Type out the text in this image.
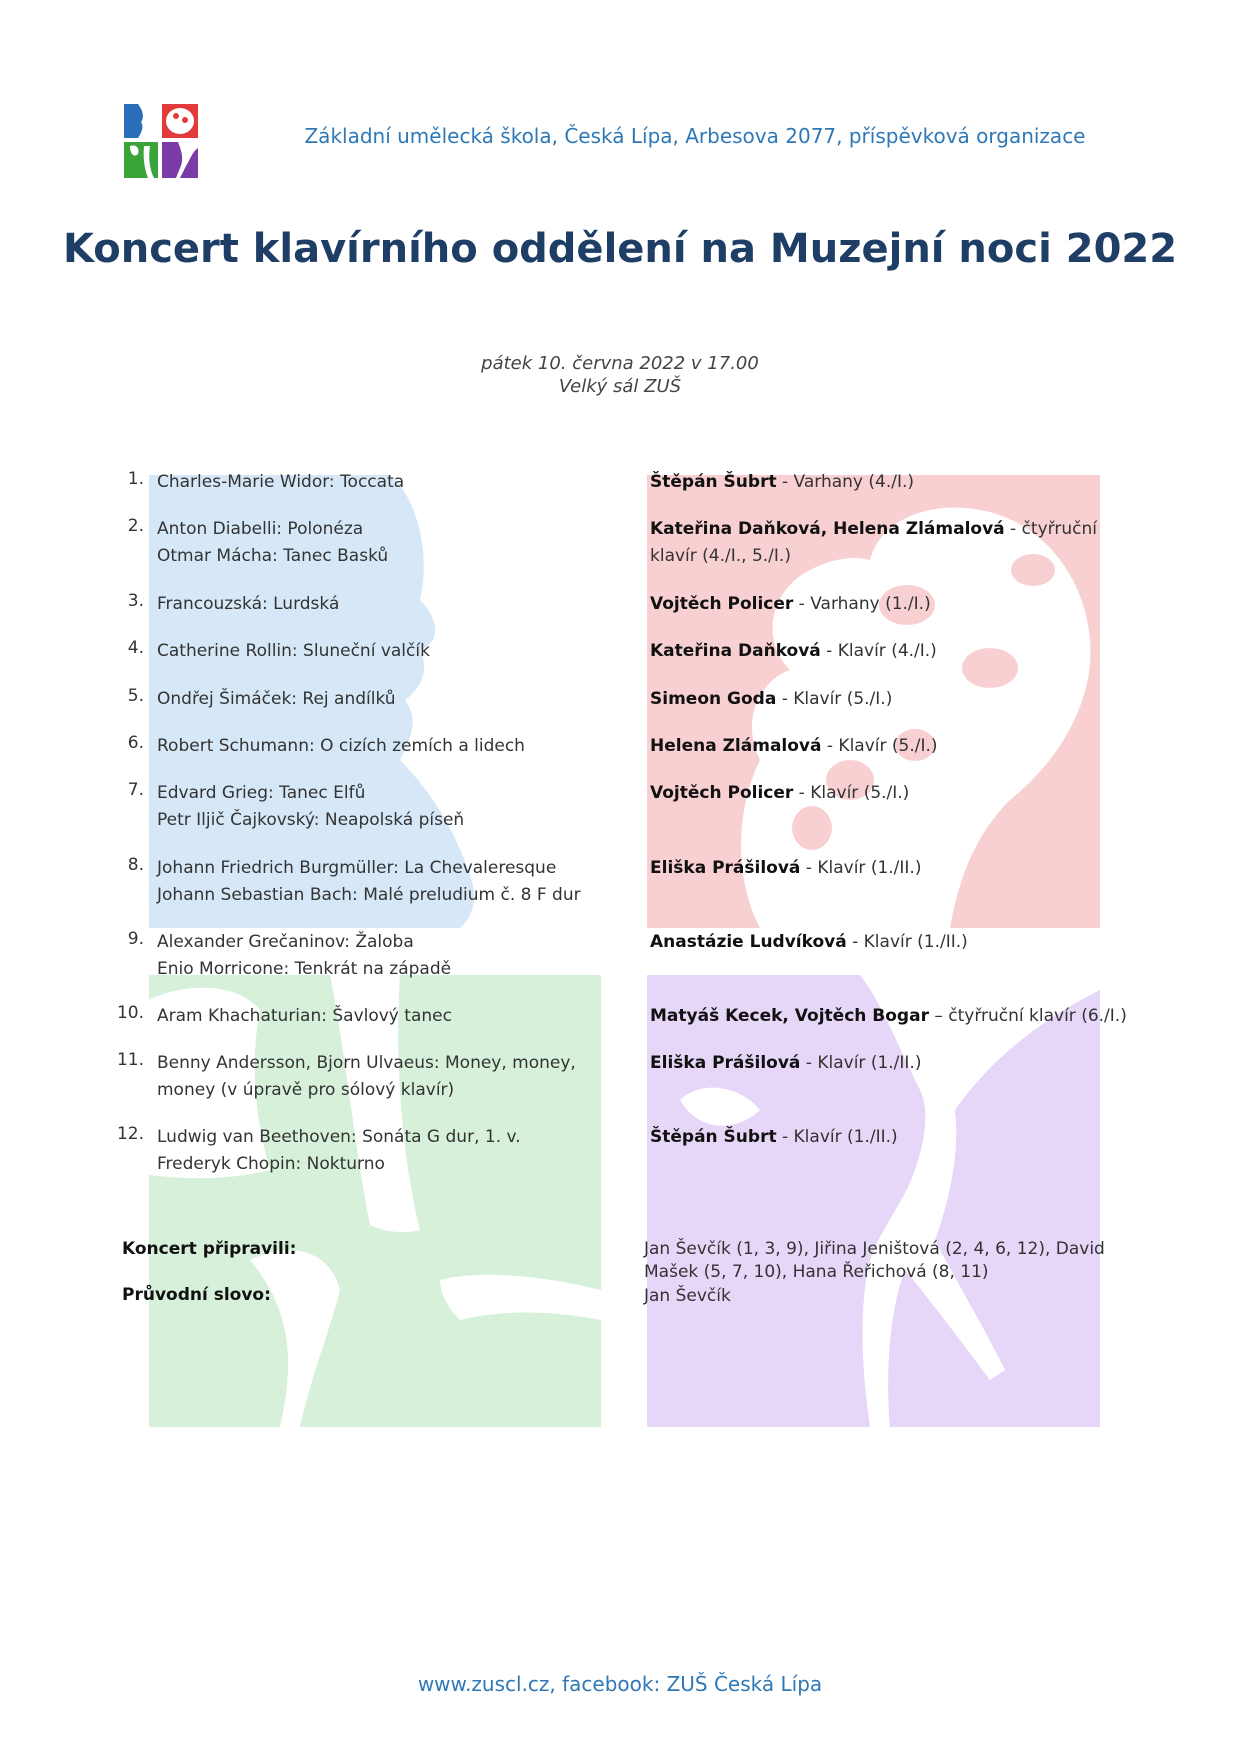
Základní umělecká škola, Česká Lípa, Arbesova 2077, příspěvková organizace
Koncert klavírního oddělení na Muzejní noci 2022
pátek 10. června 2022 v 17.00
Velký sál ZUŠ
1. Charles-Marie Widor: Toccata	Štěpán Šubrt - Varhany (4./I.)
2. Anton Diabelli: Polonéza
Otmar Mácha: Tanec Basků
Kateřina Daňková, Helena Zlámalová - čtyřruční klavír (4./I., 5./I.)
3. Francouzská: Lurdská	Vojtěch Policer - Varhany (1./I.)
4. Catherine Rollin: Sluneční valčík	Kateřina Daňková - Klavír (4./I.)
5. Ondřej Šimáček: Rej andílků	Simeon Goda - Klavír (5./I.)
6. Robert Schumann: O cizích zemích a lidech	Helena Zlámalová - Klavír (5./I.)
7. Edvard Grieg: Tanec Elfů
Petr Iljič Čajkovský: Neapolská píseň
Vojtěch Policer - Klavír (5./I.)
8. Johann Friedrich Burgmüller: La Chevaleresque
Johann Sebastian Bach: Malé preludium č. 8 F dur
Eliška Prášilová - Klavír (1./II.)
9. Alexander Grečaninov: Žaloba
Enio Morricone: Tenkrát na západě
Anastázie Ludvíková - Klavír (1./II.)
10. Aram Khachaturian: Šavlový tanec	Matyáš Kecek, Vojtěch Bogar – čtyřruční klavír (6./I.)
11. Benny Andersson, Bjorn Ulvaeus: Money, money,
money (v úpravě pro sólový klavír)
Eliška Prášilová - Klavír (1./II.)
12. Ludwig van Beethoven: Sonáta G dur, 1. v.
Frederyk Chopin: Nokturno
Štěpán Šubrt - Klavír (1./II.)
Koncert připravili:	Jan Ševčík (1, 3, 9), Jiřina Jeništová (2, 4, 6, 12), David Mašek (5, 7, 10), Hana Řeřichová (8, 11)
Průvodní slovo:	Jan Ševčík
www.zuscl.cz, facebook: ZUŠ Česká Lípa
